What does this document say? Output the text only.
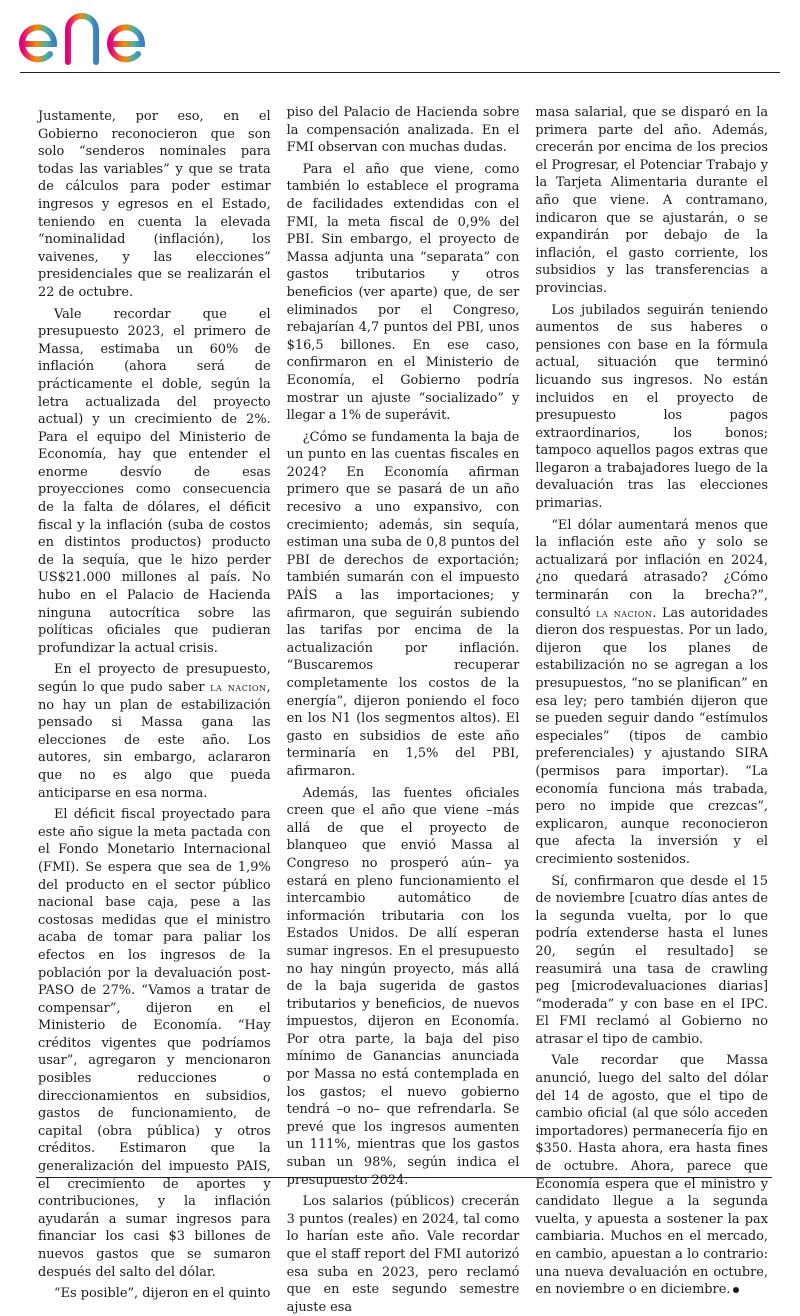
Justamente, por eso, en el Gobierno reconocieron que son solo “senderos nominales para todas las variables” y que se trata de cálculos para poder estimar ingresos y egresos en el Estado, teniendo en cuenta la elevada “nominalidad (inflación), los vaivenes, y las elecciones” presidenciales que se realizarán el 22 de octubre.

Vale recordar que el presupuesto 2023, el primero de Massa, estimaba un 60% de inflación (ahora será de prácticamente el doble, según la letra actualizada del proyecto actual) y un crecimiento de 2%. Para el equipo del Ministerio de Economía, hay que entender el enorme desvío de esas proyecciones como consecuencia de la falta de dólares, el déficit fiscal y la inflación (suba de costos en distintos productos) producto de la sequía, que le hizo perder US$21.000 millones al país. No hubo en el Palacio de Hacienda ninguna autocrítica sobre las políticas oficiales que pudieran profundizar la actual crisis.

En el proyecto de presupuesto, según lo que pudo saber la nacion, no hay un plan de estabilización pensado si Massa gana las elecciones de este año. Los autores, sin embargo, aclararon que no es algo que pueda anticiparse en esa norma.

El déficit fiscal proyectado para este año sigue la meta pactada con el Fondo Monetario Internacional (FMI). Se espera que sea de 1,9% del producto en el sector público nacional base caja, pese a las costosas medidas que el ministro acaba de tomar para paliar los efectos en los ingresos de la población por la devaluación post-PASO de 27%. “Vamos a tratar de compensar”, dijeron en el Ministerio de Economía. “Hay créditos vigentes que podríamos usar”, agregaron y mencionaron posibles reducciones o direccionamientos en subsidios, gastos de funcionamiento, de capital (obra pública) y otros créditos. Estimaron que la generalización del impuesto PAIS, el crecimiento de aportes y contribuciones, y la inflación ayudarán a sumar ingresos para financiar los casi $3 billones de nuevos gastos que se sumaron después del salto del dólar.

“Es posible”, dijeron en el quinto

piso del Palacio de Hacienda sobre la compensación analizada. En el FMI observan con muchas dudas.

Para el año que viene, como también lo establece el programa de facilidades extendidas con el FMI, la meta fiscal de 0,9% del PBI. Sin embargo, el proyecto de Massa adjunta una “separata” con gastos tributarios y otros beneficios (ver aparte) que, de ser eliminados por el Congreso, rebajarían 4,7 puntos del PBI, unos $16,5 billones. En ese caso, confirmaron en el Ministerio de Economía, el Gobierno podría mostrar un ajuste “socializado” y llegar a 1% de superávit.

¿Cómo se fundamenta la baja de un punto en las cuentas fiscales en 2024? En Economía afirman primero que se pasará de un año recesivo a uno expansivo, con crecimiento; además, sin sequía, estiman una suba de 0,8 puntos del PBI de derechos de exportación; también sumarán con el impuesto PAÍS a las importaciones; y afirmaron, que seguirán subiendo las tarifas por encima de la actualización por inflación. “Buscaremos recuperar completamente los costos de la energía”, dijeron poniendo el foco en los N1 (los segmentos altos). El gasto en subsidios de este año terminaría en 1,5% del PBI, afirmaron.

Además, las fuentes oficiales creen que el año que viene –más allá de que el proyecto de blanqueo que envió Massa al Congreso no prosperó aún– ya estará en pleno funcionamiento el intercambio automático de información tributaria con los Estados Unidos. De allí esperan sumar ingresos. En el presupuesto no hay ningún proyecto, más allá de la baja sugerida de gastos tributarios y beneficios, de nuevos impuestos, dijeron en Economía. Por otra parte, la baja del piso mínimo de Ganancias anunciada por Massa no está contemplada en los gastos; el nuevo gobierno tendrá –o no– que refrendarla. Se prevé que los ingresos aumenten un 111%, mientras que los gastos suban un 98%, según indica el presupuesto 2024.

Los salarios (públicos) crecerán 3 puntos (reales) en 2024, tal como lo harían este año. Vale recordar que el staff report del FMI autorizó esa suba en 2023, pero reclamó que en este segundo semestre ajuste esa

masa salarial, que se disparó en la primera parte del año. Además, crecerán por encima de los precios el Progresar, el Potenciar Trabajo y la Tarjeta Alimentaria durante el año que viene. A contramano, indicaron que se ajustarán, o se expandirán por debajo de la inflación, el gasto corriente, los subsidios y las transferencias a provincias.

Los jubilados seguirán teniendo aumentos de sus haberes o pensiones con base en la fórmula actual, situación que terminó licuando sus ingresos. No están incluidos en el proyecto de presupuesto los pagos extraordinarios, los bonos; tampoco aquellos pagos extras que llegaron a trabajadores luego de la devaluación tras las elecciones primarias.

“El dólar aumentará menos que la inflación este año y solo se actualizará por inflación en 2024, ¿no quedará atrasado? ¿Cómo terminarán con la brecha?”, consultó la nacion. Las autoridades dieron dos respuestas. Por un lado, dijeron que los planes de estabilización no se agregan a los presupuestos, “no se planifican” en esa ley; pero también dijeron que se pueden seguir dando “estímulos especiales” (tipos de cambio preferenciales) y ajustando SIRA (permisos para importar). “La economía funciona más trabada, pero no impide que crezcas”, explicaron, aunque reconocieron que afecta la inversión y el crecimiento sostenidos.

Sí, confirmaron que desde el 15 de noviembre [cuatro días antes de la segunda vuelta, por lo que podría extenderse hasta el lunes 20, según el resultado] se reasumirá una tasa de crawling peg [microdevaluaciones diarias] “moderada” y con base en el IPC. El FMI reclamó al Gobierno no atrasar el tipo de cambio.

Vale recordar que Massa anunció, luego del salto del dólar del 14 de agosto, que el tipo de cambio oficial (al que sólo acceden importadores) permanecería fijo en $350. Hasta ahora, era hasta fines de octubre. Ahora, parece que Economía espera que el ministro y candidato llegue a la segunda vuelta, y apuesta a sostener la pax cambiaria. Muchos en el mercado, en cambio, apuestan a lo contrario: una nueva devaluación en octubre, en noviembre o en diciembre.
